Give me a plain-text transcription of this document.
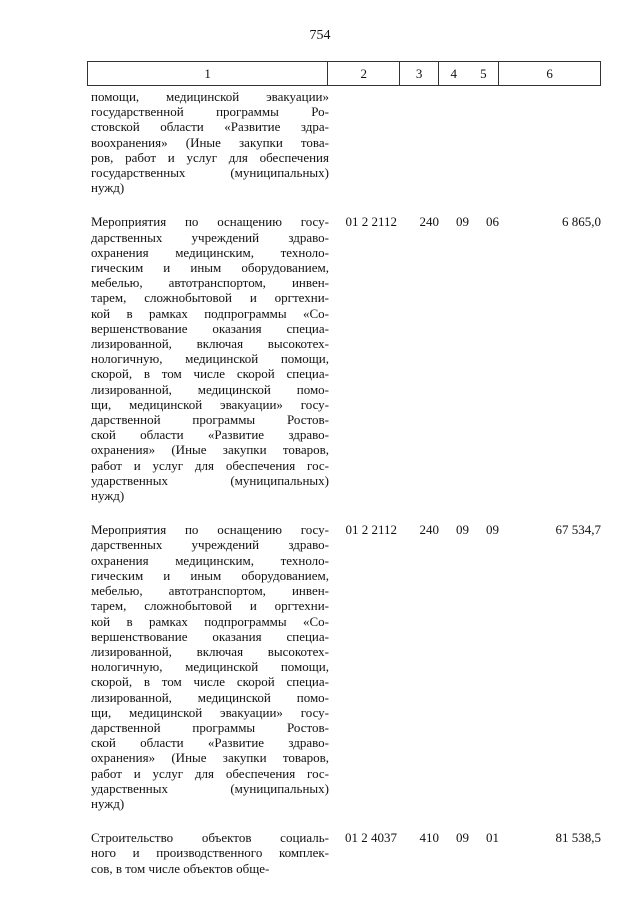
754
1	2	3	4	5	6
помощи, медицинской эвакуации»
государственной программы Ро-
стовской области «Развитие здра-
воохранения» (Иные закупки това-
ров, работ и услуг для обеспечения
государственных (муниципальных)
нужд)
Мероприятия по оснащению госу-
дарственных учреждений здраво-
охранения медицинским, техноло-
гическим и иным оборудованием,
мебелью, автотранспортом, инвен-
тарем, сложнобытовой и оргтехни-
кой в рамках подпрограммы «Со-
вершенствование оказания специа-
лизированной, включая высокотех-
нологичную, медицинской помощи,
скорой, в том числе скорой специа-
лизированной, медицинской помо-
щи, медицинской эвакуации» госу-
дарственной программы Ростов-
ской области «Развитие здраво-
охранения» (Иные закупки товаров,
работ и услуг для обеспечения гос-
ударственных (муниципальных)
нужд)
01 2 2112	240	09	06	6 865,0
Мероприятия по оснащению госу-
дарственных учреждений здраво-
охранения медицинским, техноло-
гическим и иным оборудованием,
мебелью, автотранспортом, инвен-
тарем, сложнобытовой и оргтехни-
кой в рамках подпрограммы «Со-
вершенствование оказания специа-
лизированной, включая высокотех-
нологичную, медицинской помощи,
скорой, в том числе скорой специа-
лизированной, медицинской помо-
щи, медицинской эвакуации» госу-
дарственной программы Ростов-
ской области «Развитие здраво-
охранения» (Иные закупки товаров,
работ и услуг для обеспечения гос-
ударственных (муниципальных)
нужд)
01 2 2112	240	09	09	67 534,7
Строительство объектов социаль-
ного и производственного комплек-
сов, в том числе объектов обще-
01 2 4037	410	09	01	81 538,5
